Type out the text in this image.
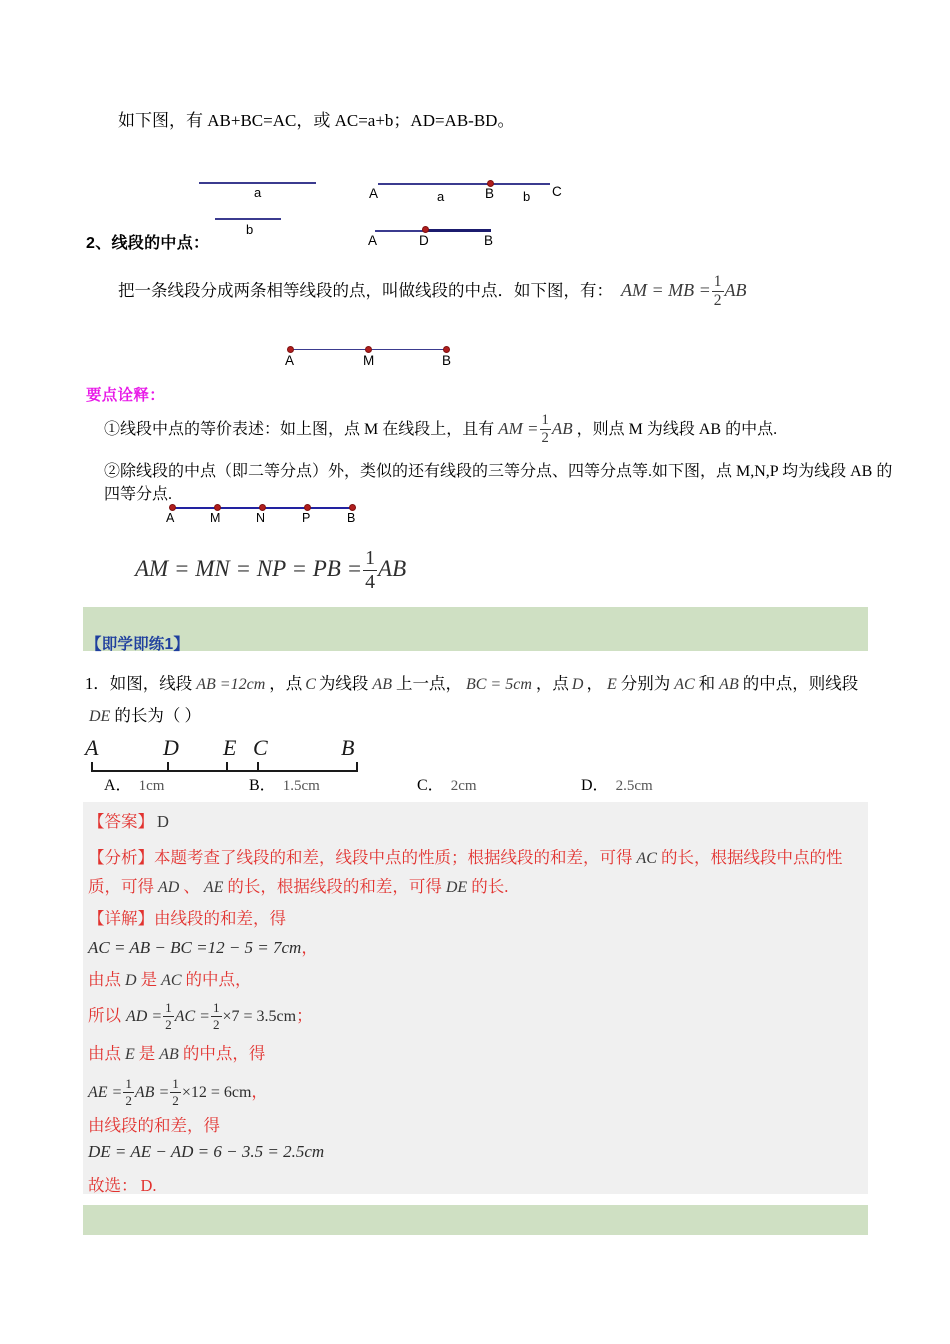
如下图，有 AB+BC=AC，或 AC=a+b；AD=AB-BD。
a
b
A	a	B b C
A	D	B
2、线段的中点：
把一条线段分成两条相等线段的点，叫做线段的中点．如下图，有： AM = MB = $\frac{1}{2}$ AB
A	M	B
要点诠释：
①线段中点的等价表述：如上图，点 M 在线段上，且有 AM = $\frac{1}{2}$ AB ，则点 M 为线段 AB 的中点.
②除线段的中点（即二等分点）外，类似的还有线段的三等分点、四等分点等.如下图，点 M,N,P 均为线段 AB 的四等分点.
A	M	N	P	B
AM = MN = NP = PB = $\frac{1}{4}$ AB
【即学即练1】
1．如图，线段 AB =12cm ，点 C 为线段 AB 上一点， BC = 5cm ，点 D ， E 分别为 AC 和 AB 的中点，则线段DE 的长为（ ）
A	D E C	B
A． 1cm	B． 1.5cm	C． 2cm	D． 2.5cm
【答案】 D
【分析】本题考查了线段的和差，线段中点的性质；根据线段的和差，可得 AC 的长，根据线段中点的性质，可得 AD 、 AE 的长，根据线段的和差，可得 DE 的长.
【详解】由线段的和差，得
AC = AB − BC =12 − 5 = 7cm，
由点 D 是 AC 的中点，
所以 AD = $\frac{1}{2}$ AC = $\frac{1}{2} \times 7 = 3.5cm$；
由点 E 是 AB 的中点，得
AE = $\frac{1}{2}$ AB = $\frac{1}{2} \times 12 = 6cm$，
由线段的和差，得
DE = AE − AD = 6 − 3.5 = 2.5cm
故选： D.
